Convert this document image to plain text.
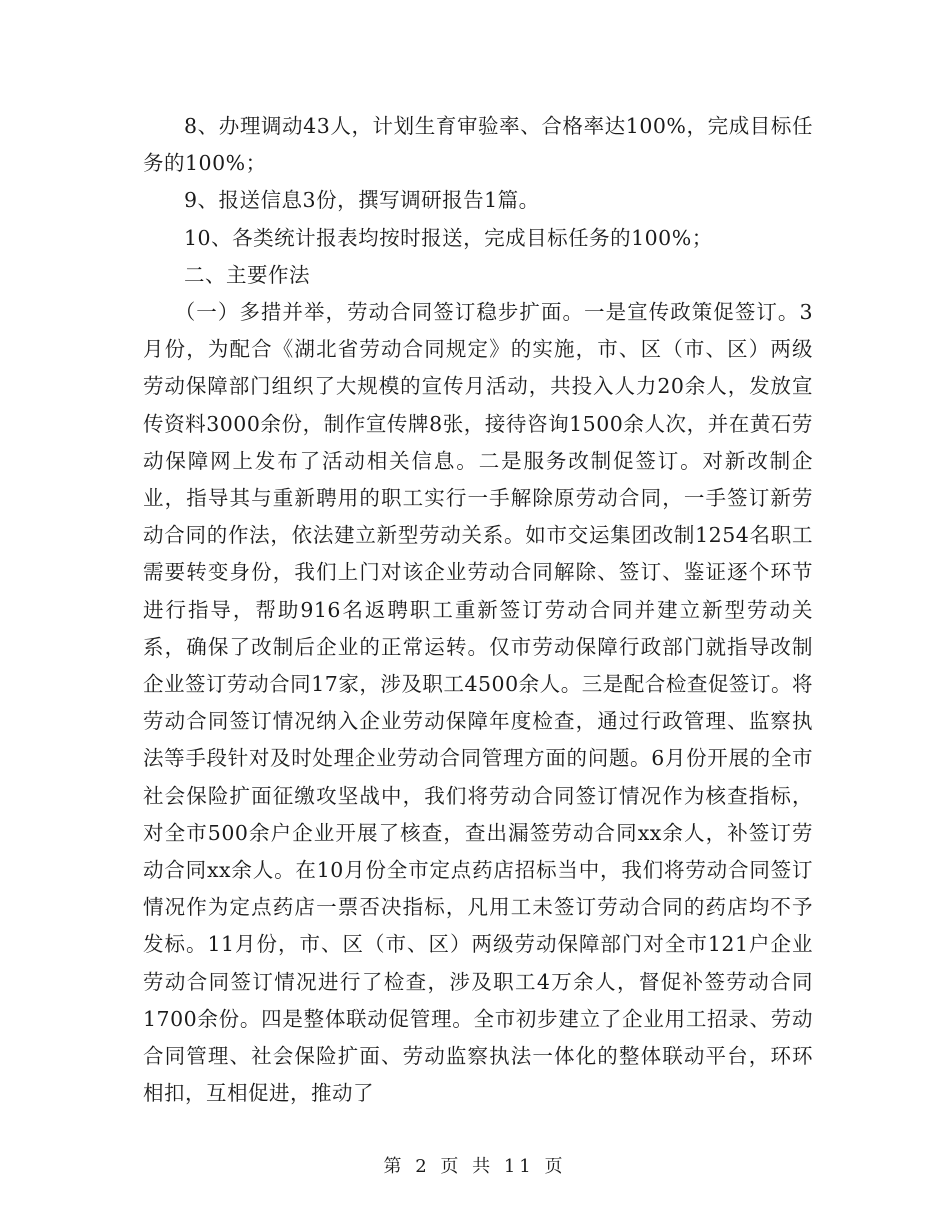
8、办理调动43人，计划生育审验率、合格率达100%，完成目标任务的100%；

9、报送信息3份，撰写调研报告1篇。

10、各类统计报表均按时报送，完成目标任务的100%；

二、主要作法

（一）多措并举，劳动合同签订稳步扩面。一是宣传政策促签订。3月份，为配合《湖北省劳动合同规定》的实施，市、区（市、区）两级劳动保障部门组织了大规模的宣传月活动，共投入人力20余人，发放宣传资料3000余份，制作宣传牌8张，接待咨询1500余人次，并在黄石劳动保障网上发布了活动相关信息。二是服务改制促签订。对新改制企业，指导其与重新聘用的职工实行一手解除原劳动合同，一手签订新劳动合同的作法，依法建立新型劳动关系。如市交运集团改制1254名职工需要转变身份，我们上门对该企业劳动合同解除、签订、鉴证逐个环节进行指导，帮助916名返聘职工重新签订劳动合同并建立新型劳动关系，确保了改制后企业的正常运转。仅市劳动保障行政部门就指导改制企业签订劳动合同17家，涉及职工4500余人。三是配合检查促签订。将劳动合同签订情况纳入企业劳动保障年度检查，通过行政管理、监察执法等手段针对及时处理企业劳动合同管理方面的问题。6月份开展的全市社会保险扩面征缴攻坚战中，我们将劳动合同签订情况作为核查指标，对全市500余户企业开展了核查，查出漏签劳动合同xx余人，补签订劳动合同xx余人。在10月份全市定点药店招标当中，我们将劳动合同签订情况作为定点药店一票否决指标，凡用工未签订劳动合同的药店均不予发标。11月份，市、区（市、区）两级劳动保障部门对全市121户企业劳动合同签订情况进行了检查，涉及职工4万余人，督促补签劳动合同1700余份。四是整体联动促管理。全市初步建立了企业用工招录、劳动合同管理、社会保险扩面、劳动监察执法一体化的整体联动平台，环环相扣，互相促进，推动了

第 2 页 共 11 页
